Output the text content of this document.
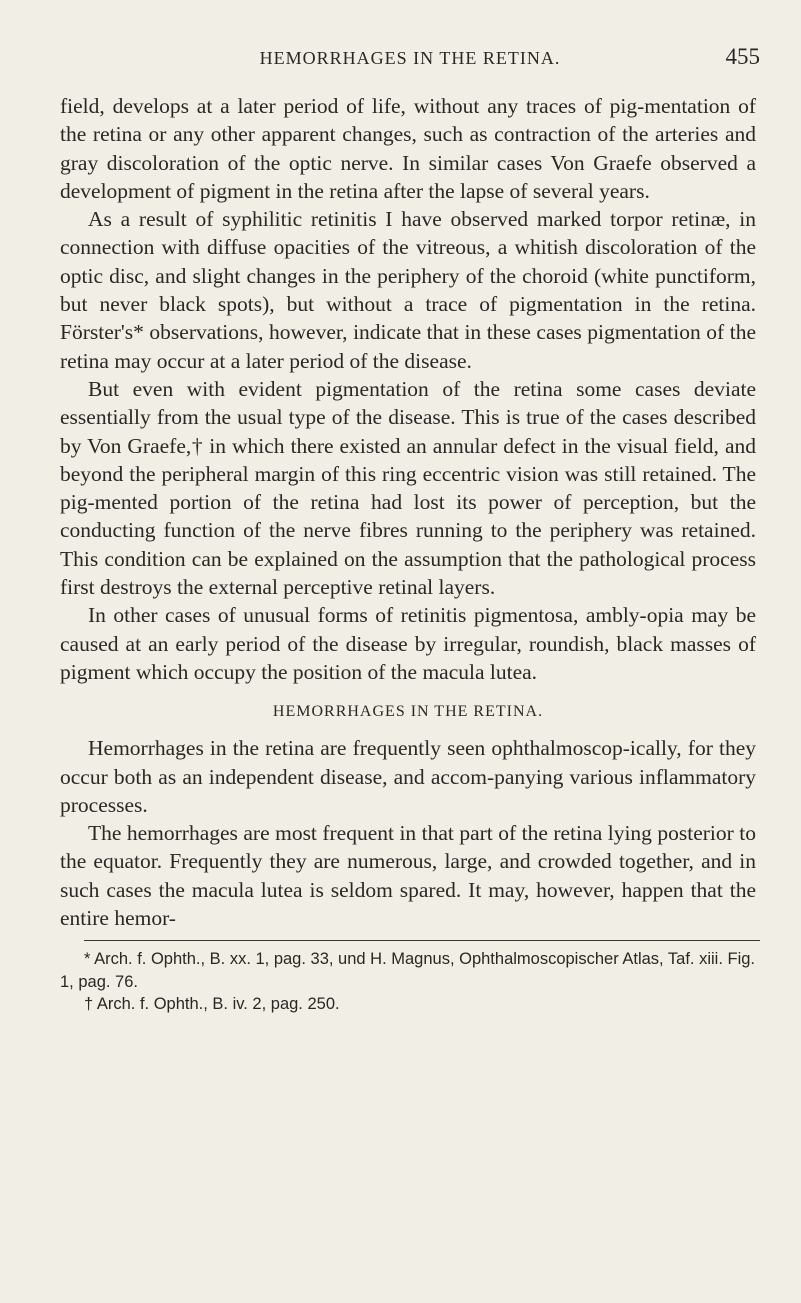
HEMORRHAGES IN THE RETINA.	455

field, develops at a later period of life, without any traces of pig-mentation of the retina or any other apparent changes, such as contraction of the arteries and gray discoloration of the optic nerve. In similar cases Von Graefe observed a development of pigment in the retina after the lapse of several years.

As a result of syphilitic retinitis I have observed marked torpor retinæ, in connection with diffuse opacities of the vitreous, a whitish discoloration of the optic disc, and slight changes in the periphery of the choroid (white punctiform, but never black spots), but without a trace of pigmentation in the retina. Förster's* observations, however, indicate that in these cases pigmentation of the retina may occur at a later period of the disease.

But even with evident pigmentation of the retina some cases deviate essentially from the usual type of the disease. This is true of the cases described by Von Graefe,† in which there existed an annular defect in the visual field, and beyond the peripheral margin of this ring eccentric vision was still retained. The pig-mented portion of the retina had lost its power of perception, but the conducting function of the nerve fibres running to the periphery was retained. This condition can be explained on the assumption that the pathological process first destroys the external perceptive retinal layers.

In other cases of unusual forms of retinitis pigmentosa, ambly-opia may be caused at an early period of the disease by irregular, roundish, black masses of pigment which occupy the position of the macula lutea.

HEMORRHAGES IN THE RETINA.

Hemorrhages in the retina are frequently seen ophthalmoscop-ically, for they occur both as an independent disease, and accom-panying various inflammatory processes.

The hemorrhages are most frequent in that part of the retina lying posterior to the equator. Frequently they are numerous, large, and crowded together, and in such cases the macula lutea is seldom spared. It may, however, happen that the entire hemor-

* Arch. f. Ophth., B. xx. 1, pag. 33, und H. Magnus, Ophthalmoscopischer Atlas, Taf. xiii. Fig. 1, pag. 76.

† Arch. f. Ophth., B. iv. 2, pag. 250.
